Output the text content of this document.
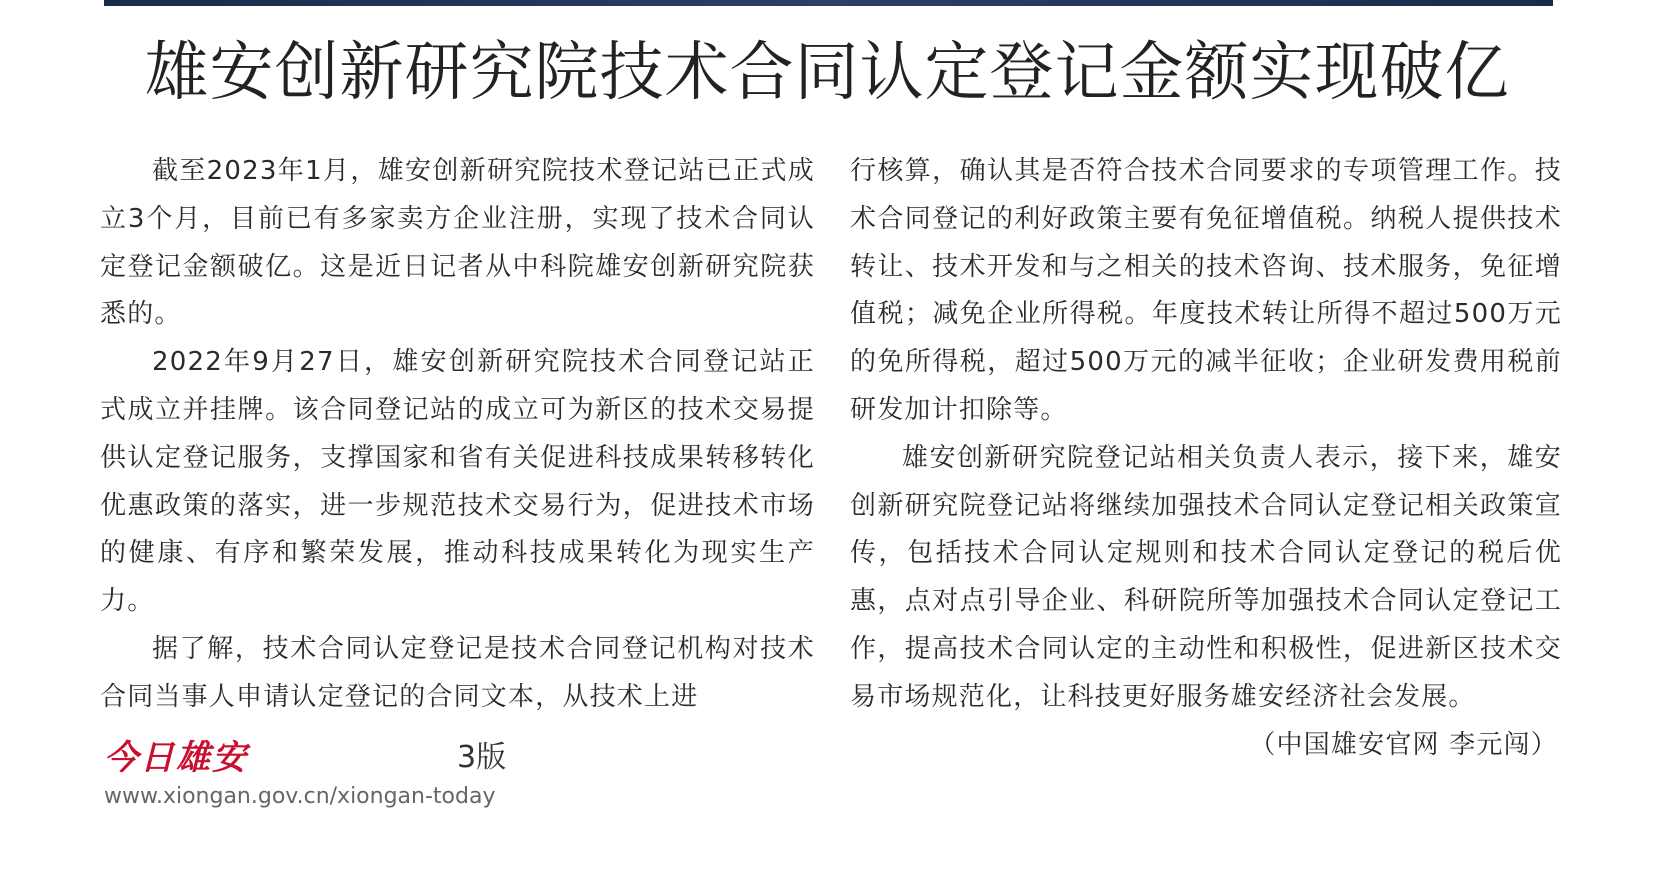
雄安创新研究院技术合同认定登记金额实现破亿

截至2023年1月，雄安创新研究院技术登记站已正式成立3个月，目前已有多家卖方企业注册，实现了技术合同认定登记金额破亿。这是近日记者从中科院雄安创新研究院获悉的。

2022年9月27日，雄安创新研究院技术合同登记站正式成立并挂牌。该合同登记站的成立可为新区的技术交易提供认定登记服务，支撑国家和省有关促进科技成果转移转化优惠政策的落实，进一步规范技术交易行为，促进技术市场的健康、有序和繁荣发展，推动科技成果转化为现实生产力。

据了解，技术合同认定登记是技术合同登记机构对技术合同当事人申请认定登记的合同文本，从技术上进

行核算，确认其是否符合技术合同要求的专项管理工作。技术合同登记的利好政策主要有免征增值税。纳税人提供技术转让、技术开发和与之相关的技术咨询、技术服务，免征增值税；减免企业所得税。年度技术转让所得不超过500万元的免所得税，超过500万元的减半征收；企业研发费用税前研发加计扣除等。

雄安创新研究院登记站相关负责人表示，接下来，雄安创新研究院登记站将继续加强技术合同认定登记相关政策宣传，包括技术合同认定规则和技术合同认定登记的税后优惠，点对点引导企业、科研院所等加强技术合同认定登记工作，提高技术合同认定的主动性和积极性，促进新区技术交易市场规范化，让科技更好服务雄安经济社会发展。

（中国雄安官网 李元闯）

今日雄安	3版
www.xiongan.gov.cn/xiongan-today
